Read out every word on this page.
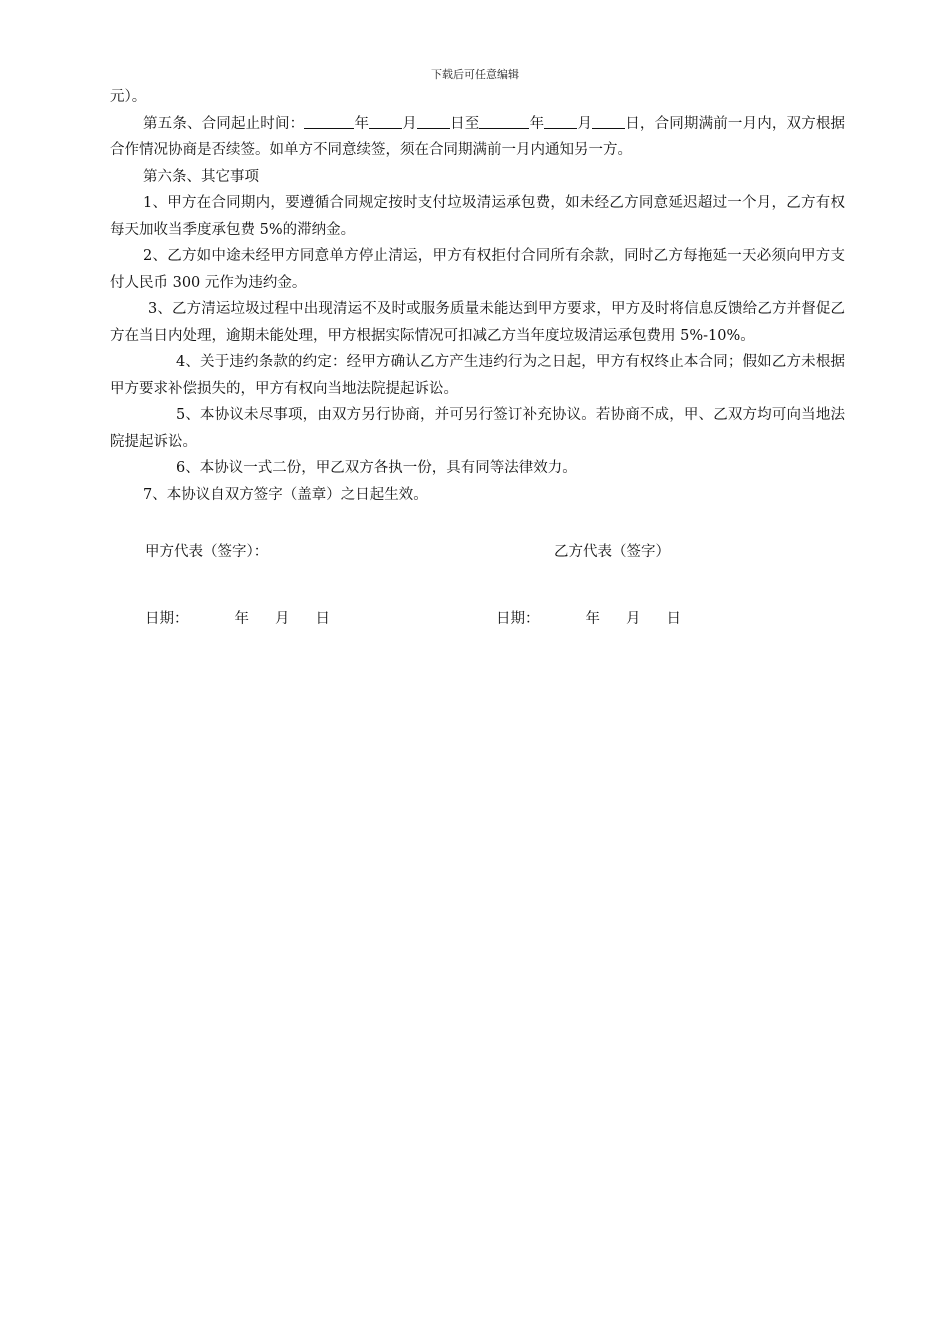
下载后可任意编辑

元）。

第五条、合同起止时间：	年 月 日至	年 月 日，合同期满前一月内，双方根据合作情况协商是否续签。如单方不同意续签，须在合同期满前一月内通知另一方。

第六条、其它事项

1、甲方在合同期内，要遵循合同规定按时支付垃圾清运承包费，如未经乙方同意延迟超过一个月，乙方有权每天加收当季度承包费 5%的滞纳金。

2、乙方如中途未经甲方同意单方停止清运，甲方有权拒付合同所有余款，同时乙方每拖延一天必须向甲方支付人民币 300 元作为违约金。

3、乙方清运垃圾过程中出现清运不及时或服务质量未能达到甲方要求，甲方及时将信息反馈给乙方并督促乙方在当日内处理，逾期未能处理，甲方根据实际情况可扣减乙方当年度垃圾清运承包费用 5%-10%。

4、关于违约条款的约定：经甲方确认乙方产生违约行为之日起，甲方有权终止本合同；假如乙方未根据甲方要求补偿损失的，甲方有权向当地法院提起诉讼。

5、本协议未尽事项，由双方另行协商，并可另行签订补充协议。若协商不成，甲、乙双方均可向当地法院提起诉讼。

6、本协议一式二份，甲乙双方各执一份，具有同等法律效力。

7、本协议自双方签字（盖章）之日起生效。

甲方代表（签字）：	乙方代表（签字）
日期：	年 月 日	日期：	年 月 日
